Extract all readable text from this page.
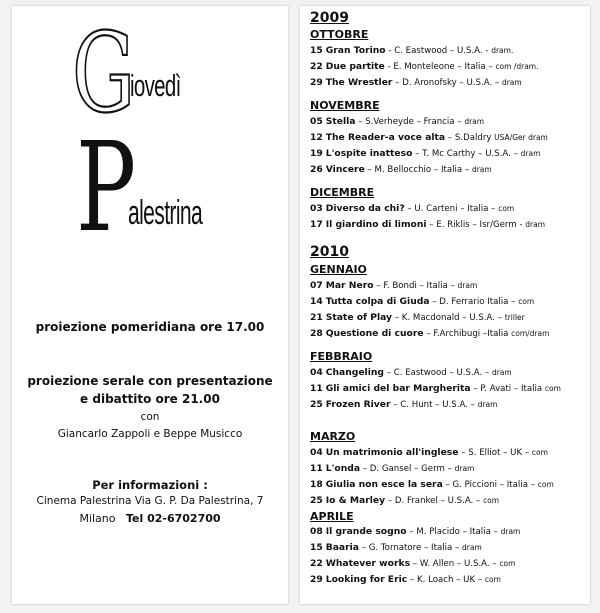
G
iovedì
P
alestrina
proiezione pomeridiana ore 17.00
proiezione serale con presentazione
e dibattito ore 21.00
con
Giancarlo Zappoli e Beppe Musicco
Per informazioni :
Cinema Palestrina Via G. P. Da Palestrina, 7
Milano Tel 02-6702700
2009
OTTOBRE
15 Gran Torino - C. Eastwood – U.S.A. - dram.
22 Due partite - E. Monteleone – Italia – com /dram.
29 The Wrestler – D. Aronofsky – U.S.A. – dram
NOVEMBRE
05 Stella – S.Verheyde – Francia – dram
12 The Reader-a voce alta – S.Daldry USA/Ger dram
19 L'ospite inatteso – T. Mc Carthy – U.S.A. – dram
26 Vincere – M. Bellocchio – Italia – dram
DICEMBRE
03 Diverso da chi? – U. Carteni – Italia – com
17 Il giardino di limoni – E. Riklis – Isr/Germ - dram
2010
GENNAIO
07 Mar Nero – F. Bondi – Italia – dram
14 Tutta colpa di Giuda – D. Ferrario Italia – com
21 State of Play – K. Macdonald – U.S.A. – triller
28 Questione di cuore – F.Archibugi –Italia com/dram
FEBBRAIO
04 Changeling – C. Eastwood – U.S.A. – dram
11 Gli amici del bar Margherita – P. Avati – Italia com
25 Frozen River – C. Hunt – U.S.A. – dram
MARZO
04 Un matrimonio all'inglese – S. Elliot – UK – com
11 L'onda – D. Gansel – Germ – dram
18 Giulia non esce la sera – G. Piccioni – Italia – com
25 Io & Marley – D. Frankel – U.S.A. – com
APRILE
08 Il grande sogno – M. Placido – Italia – dram
15 Baaria – G. Tornatore – Italia – dram
22 Whatever works – W. Allen – U.S.A. – com
29 Looking for Eric – K. Loach – UK – com
